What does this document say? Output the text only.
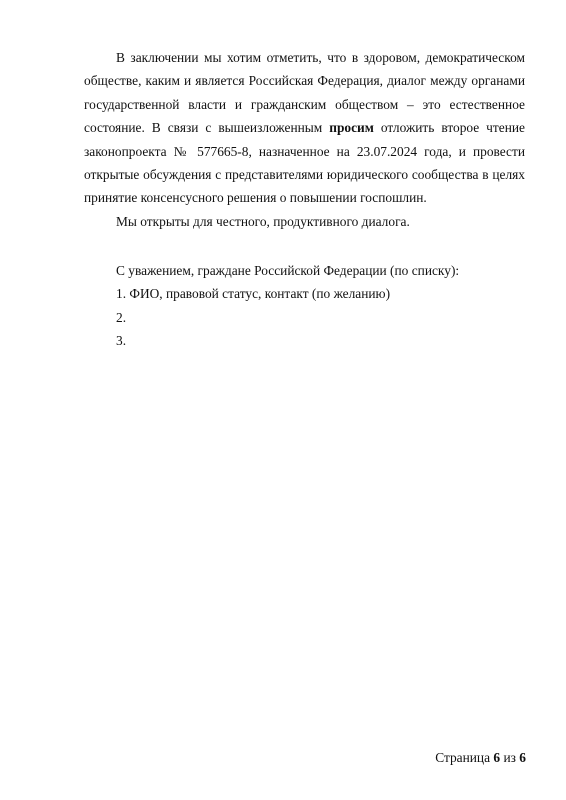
В заключении мы хотим отметить, что в здоровом, демократическом
обществе, каким и является Российская Федерация, диалог между органами
государственной власти и гражданским обществом – это естественное
состояние. В связи с вышеизложенным просим отложить второе чтение
законопроекта № 577665-8, назначенное на 23.07.2024 года, и провести
открытые обсуждения с представителями юридического сообщества в целях
принятие консенсусного решения о повышении госпошлин.

Мы открыты для честного, продуктивного диалога.

С уважением, граждане Российской Федерации (по списку):

1. ФИО, правовой статус, контакт (по желанию)

2.

3.

Страница 6 из 6
